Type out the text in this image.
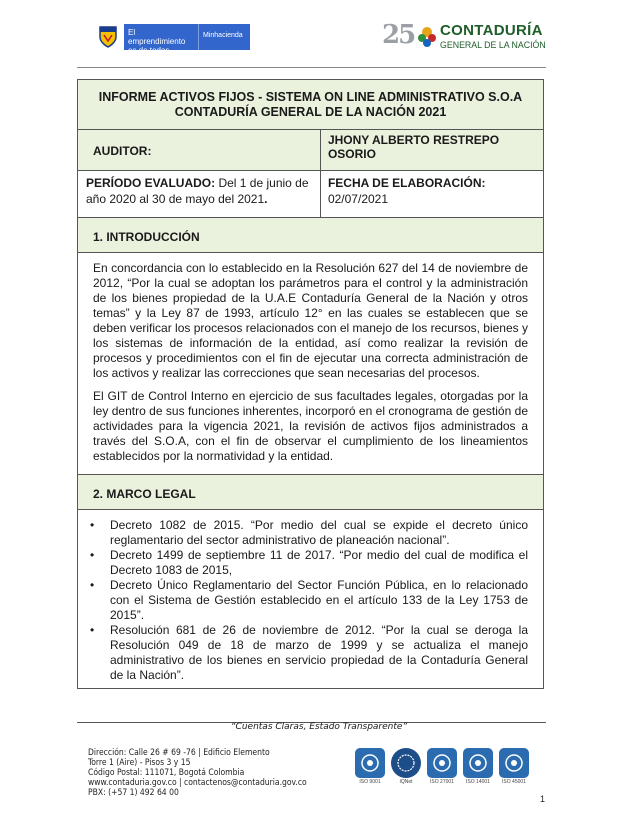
El emprendimiento es de todos
Minhacienda	25 CONTADURÍA
GENERAL DE LA NACIÓN
INFORME ACTIVOS FIJOS - SISTEMA ON LINE ADMINISTRATIVO S.O.A
CONTADURÍA GENERAL DE LA NACIÓN 2021
AUDITOR:
JHONY ALBERTO RESTREPO OSORIO
PERÍODO EVALUADO: Del 1 de junio de año 2020 al 30 de mayo del 2021.
FECHA DE ELABORACIÓN:
02/07/2021
1. INTRODUCCIÓN

En concordancia con lo establecido en la Resolución 627 del 14 de noviembre de 2012, “Por la cual se adoptan los parámetros para el control y la administración de los bienes propiedad de la U.A.E Contaduría General de la Nación y otros temas” y la Ley 87 de 1993, artículo 12° en las cuales se establecen que se deben verificar los procesos relacionados con el manejo de los recursos, bienes y los sistemas de información de la entidad, así como realizar la revisión de procesos y procedimientos con el fin de ejecutar una correcta administración de los activos y realizar las correcciones que sean necesarias del procesos.

El GIT de Control Interno en ejercicio de sus facultades legales, otorgadas por la ley dentro de sus funciones inherentes, incorporó en el cronograma de gestión de actividades para la vigencia 2021, la revisión de activos fijos administrados a través del S.O.A, con el fin de observar el cumplimiento de los lineamientos establecidos por la normatividad y la entidad.

2. MARCO LEGAL
•	Decreto 1082 de 2015. “Por medio del cual se expide el decreto único reglamentario del sector administrativo de planeación nacional”.
•	Decreto 1499 de septiembre 11 de 2017. “Por medio del cual de modifica el Decreto 1083 de 2015,
•	Decreto Único Reglamentario del Sector Función Pública, en lo relacionado con el Sistema de Gestión establecido en el artículo 133 de la Ley 1753 de 2015”.
•	Resolución 681 de 26 de noviembre de 2012. “Por la cual se deroga la Resolución 049 de 18 de marzo de 1999 y se actualiza el manejo administrativo de los bienes en servicio propiedad de la Contaduría General de la Nación”.
“Cuentas Claras, Estado Transparente”
Dirección: Calle 26 # 69 -76 | Edificio Elemento
Torre 1 (Aire) - Pisos 3 y 15
Código Postal: 111071, Bogotá Colombia
www.contaduria.gov.co | contactenos@contaduria.gov.co
PBX: (+57 1) 492 64 00
ISO 9001	IQNet	ISO 27001 ISO 14001 ISO 45001
1
